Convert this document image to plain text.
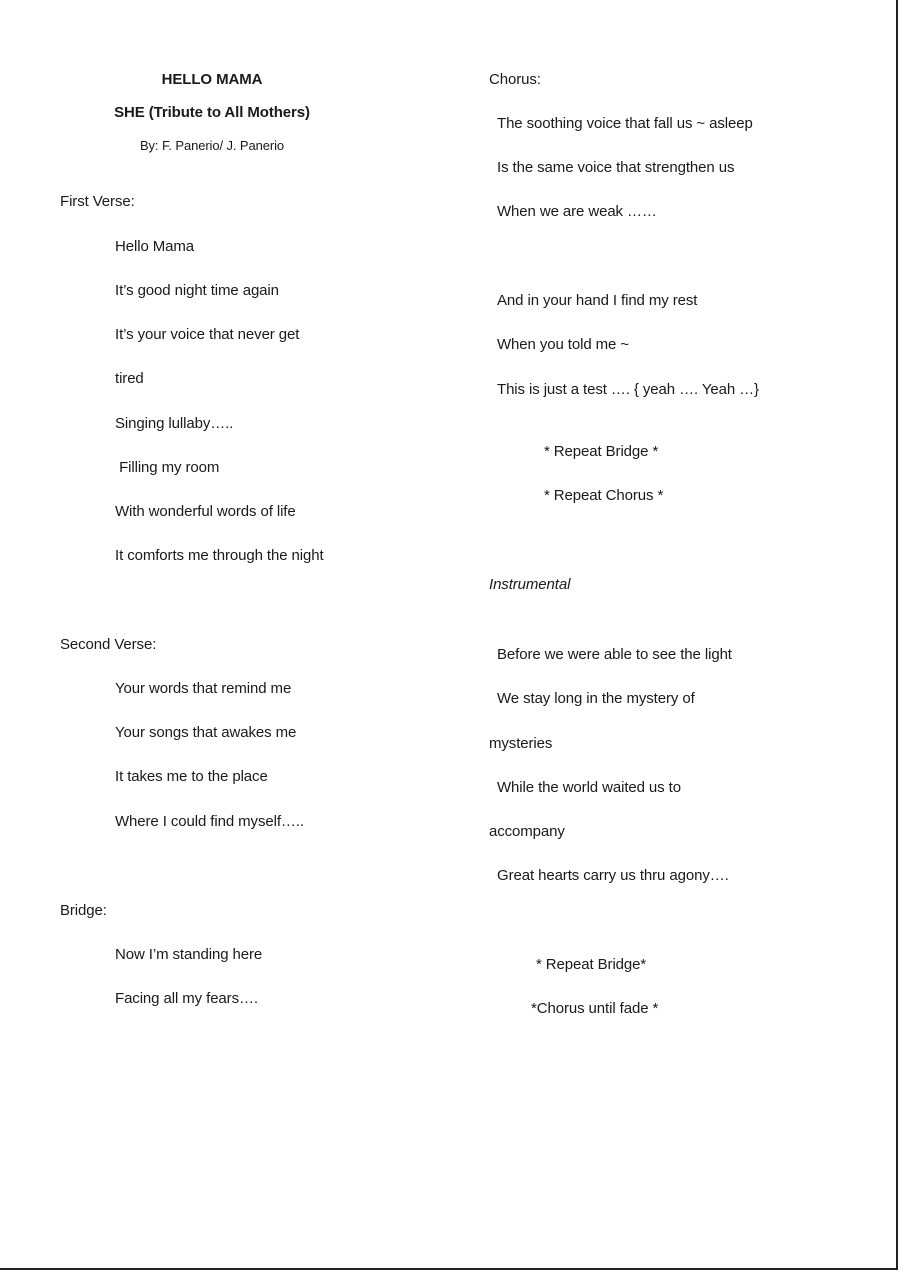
HELLO MAMA
SHE (Tribute to All Mothers)
By: F. Panerio/ J. Panerio
First Verse:
Hello Mama
It’s good night time again
It’s your voice that never get
tired
Singing lullaby…..
Filling my room
With wonderful words of life
It comforts me through the night
Second Verse:
Your words that remind me
Your songs that awakes me
It takes me to the place
Where I could find myself…..
Bridge:
Now I’m standing here
Facing all my fears….
Chorus:
The soothing voice that fall us ~ asleep
Is the same voice that strengthen us
When we are weak ……
And in your hand I find my rest
When you told me ~
This is just a test …. { yeah …. Yeah …}
* Repeat Bridge *
* Repeat Chorus *
Instrumental
Before we were able to see the light
We stay long in the mystery of
mysteries
While the world waited us to
accompany
Great hearts carry us thru agony….
* Repeat Bridge*
*Chorus until fade *
